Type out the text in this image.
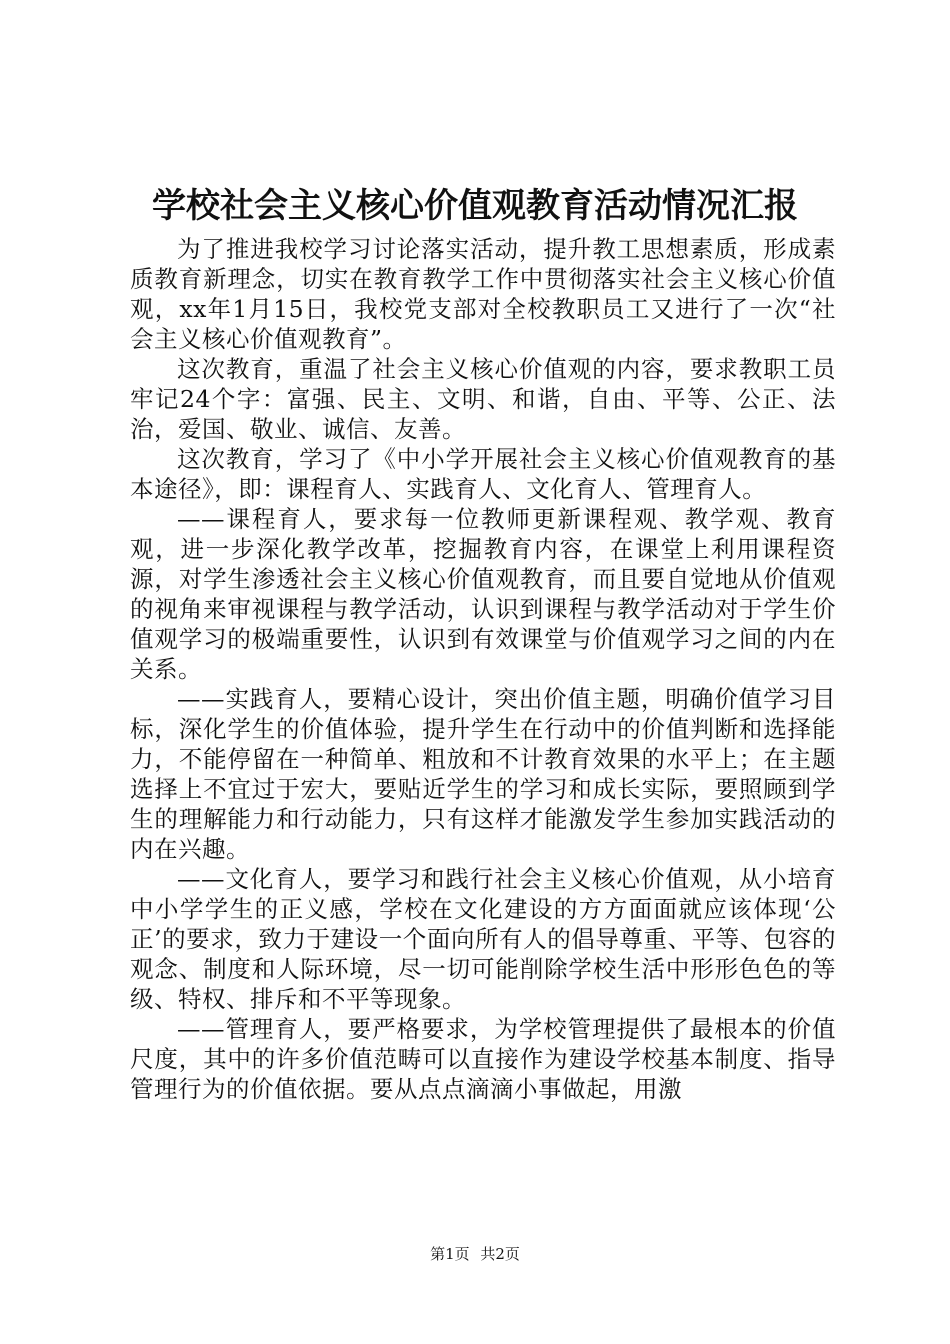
学校社会主义核心价值观教育活动情况汇报

为了推进我校学习讨论落实活动，提升教工思想素质，形成素质教育新理念，切实在教育教学工作中贯彻落实社会主义核心价值观，xx年1月15日，我校党支部对全校教职员工又进行了一次“社会主义核心价值观教育”。

这次教育，重温了社会主义核心价值观的内容，要求教职工员牢记24个字：富强、民主、文明、和谐，自由、平等、公正、法治，爱国、敬业、诚信、友善。

这次教育，学习了《中小学开展社会主义核心价值观教育的基本途径》，即：课程育人、实践育人、文化育人、管理育人。

——课程育人，要求每一位教师更新课程观、教学观、教育观，进一步深化教学改革，挖掘教育内容，在课堂上利用课程资源，对学生渗透社会主义核心价值观教育，而且要自觉地从价值观的视角来审视课程与教学活动，认识到课程与教学活动对于学生价值观学习的极端重要性，认识到有效课堂与价值观学习之间的内在关系。

——实践育人，要精心设计，突出价值主题，明确价值学习目标，深化学生的价值体验，提升学生在行动中的价值判断和选择能力，不能停留在一种简单、粗放和不计教育效果的水平上；在主题选择上不宜过于宏大，要贴近学生的学习和成长实际，要照顾到学生的理解能力和行动能力，只有这样才能激发学生参加实践活动的内在兴趣。

——文化育人，要学习和践行社会主义核心价值观，从小培育中小学学生的正义感，学校在文化建设的方方面面就应该体现‘公正’的要求，致力于建设一个面向所有人的倡导尊重、平等、包容的观念、制度和人际环境，尽一切可能削除学校生活中形形色色的等级、特权、排斥和不平等现象。

——管理育人，要严格要求，为学校管理提供了最根本的价值尺度，其中的许多价值范畴可以直接作为建设学校基本制度、指导管理行为的价值依据。要从点点滴滴小事做起，用激

第1页 共2页
